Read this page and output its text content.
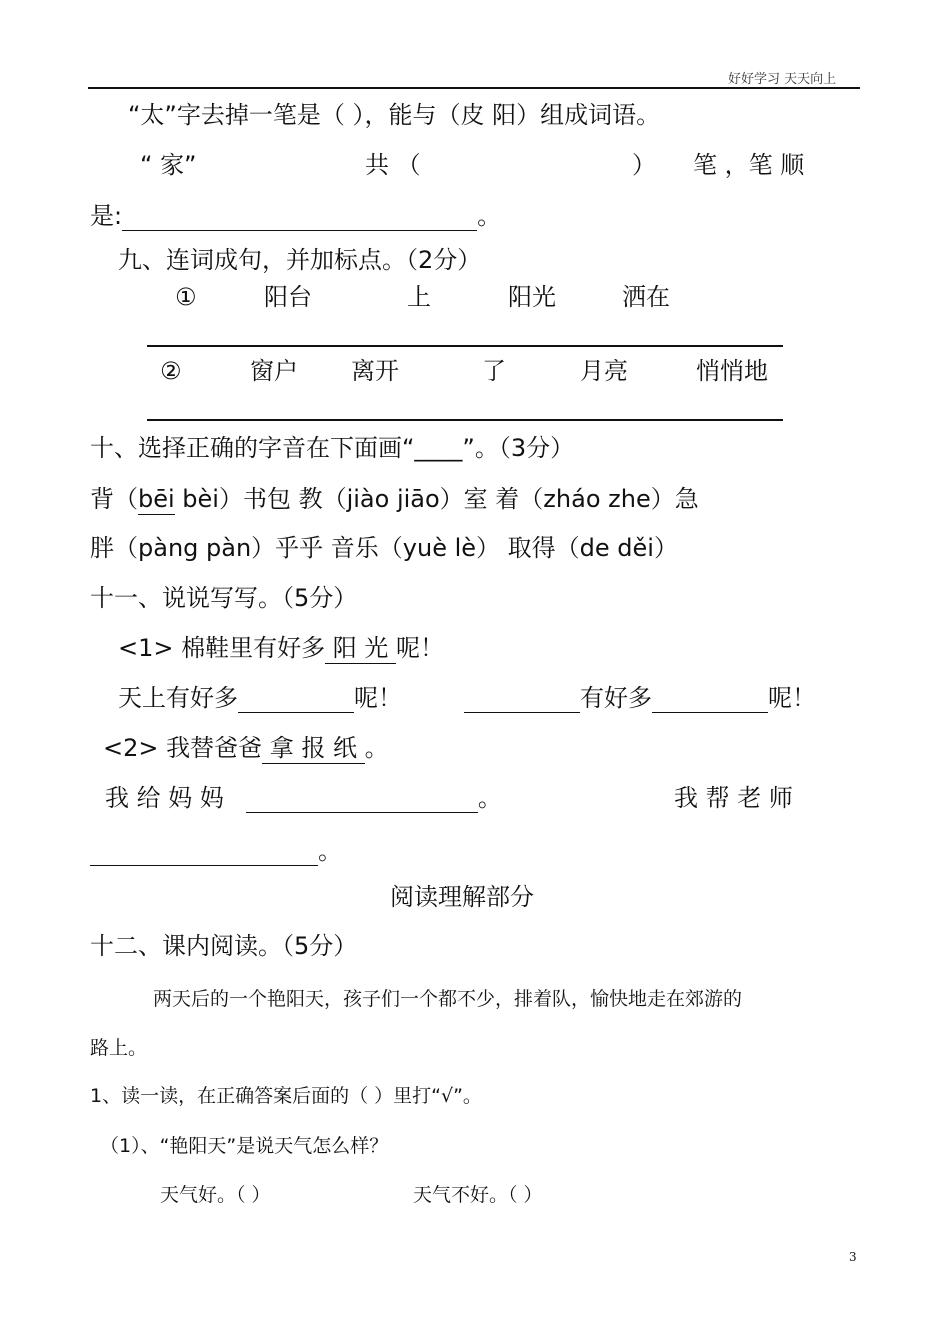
好好学习 天天向上
“太”字去掉一笔是（ ），能与（皮 阳）组成词语。
“ 家”	共 （	） 笔 ，笔 顺
是:	。
九、连词成句，并加标点。（2分）
①	阳台	上	阳光	洒在
②	窗户 离开	了	月亮	悄悄地
十、选择正确的字音在下面画“____”。（3分）
背（bēi bèi）书包 教（jiào jiāo）室 着（zháo zhe）急
胖（pàng pàn）乎乎 音乐（yuè lè） 取得（de děi）
十一、说说写写。（5分）
<1> 棉鞋里有好多 阳 光 呢！
天上有好多	呢！	有好多	呢！
<2> 我替爸爸 拿 报 纸 。
我 给 妈 妈	。	我 帮 老 师
。
阅读理解部分
十二、课内阅读。（5分）
两天后的一个艳阳天，孩子们一个都不少，排着队，愉快地走在郊游的
路上。
1、读一读，在正确答案后面的（ ）里打“√”。
（1）、“艳阳天”是说天气怎么样？
天气好。（ ）	天气不好。（ ）
3
